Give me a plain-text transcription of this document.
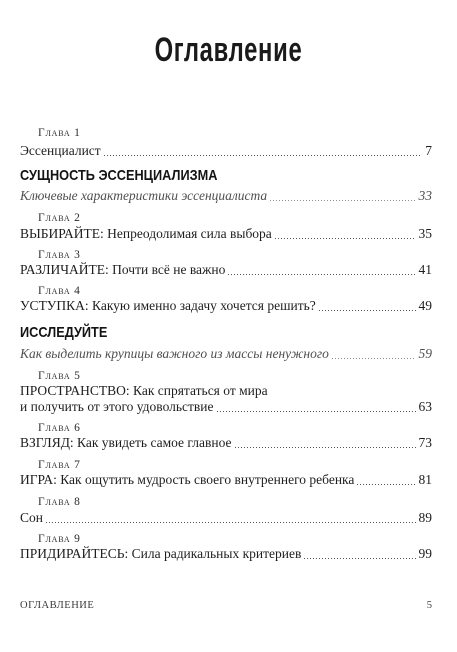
Оглавление
Глава 1
Эссенциалист	7
СУЩНОСТЬ ЭССЕНЦИАЛИЗМА
Ключевые характеристики эссенциалиста	33
Глава 2
ВЫБИРАЙТЕ: Непреодолимая сила выбора	35
Глава 3
РАЗЛИЧАЙТЕ: Почти всё не важно	41
Глава 4
УСТУПКА: Какую именно задачу хочется решить?	49
ИССЛЕДУЙТЕ
Как выделить крупицы важного из массы ненужного	59
Глава 5
ПРОСТРАНСТВО: Как спрятаться от мира
и получить от этого удовольствие	63
Глава 6
ВЗГЛЯД: Как увидеть самое главное	73
Глава 7
ИГРА: Как ощутить мудрость своего внутреннего ребенка	81
Глава 8
Сон	89
Глава 9
ПРИДИРАЙТЕСЬ: Сила радикальных критериев	99
ОГЛАВЛЕНИЕ	5
